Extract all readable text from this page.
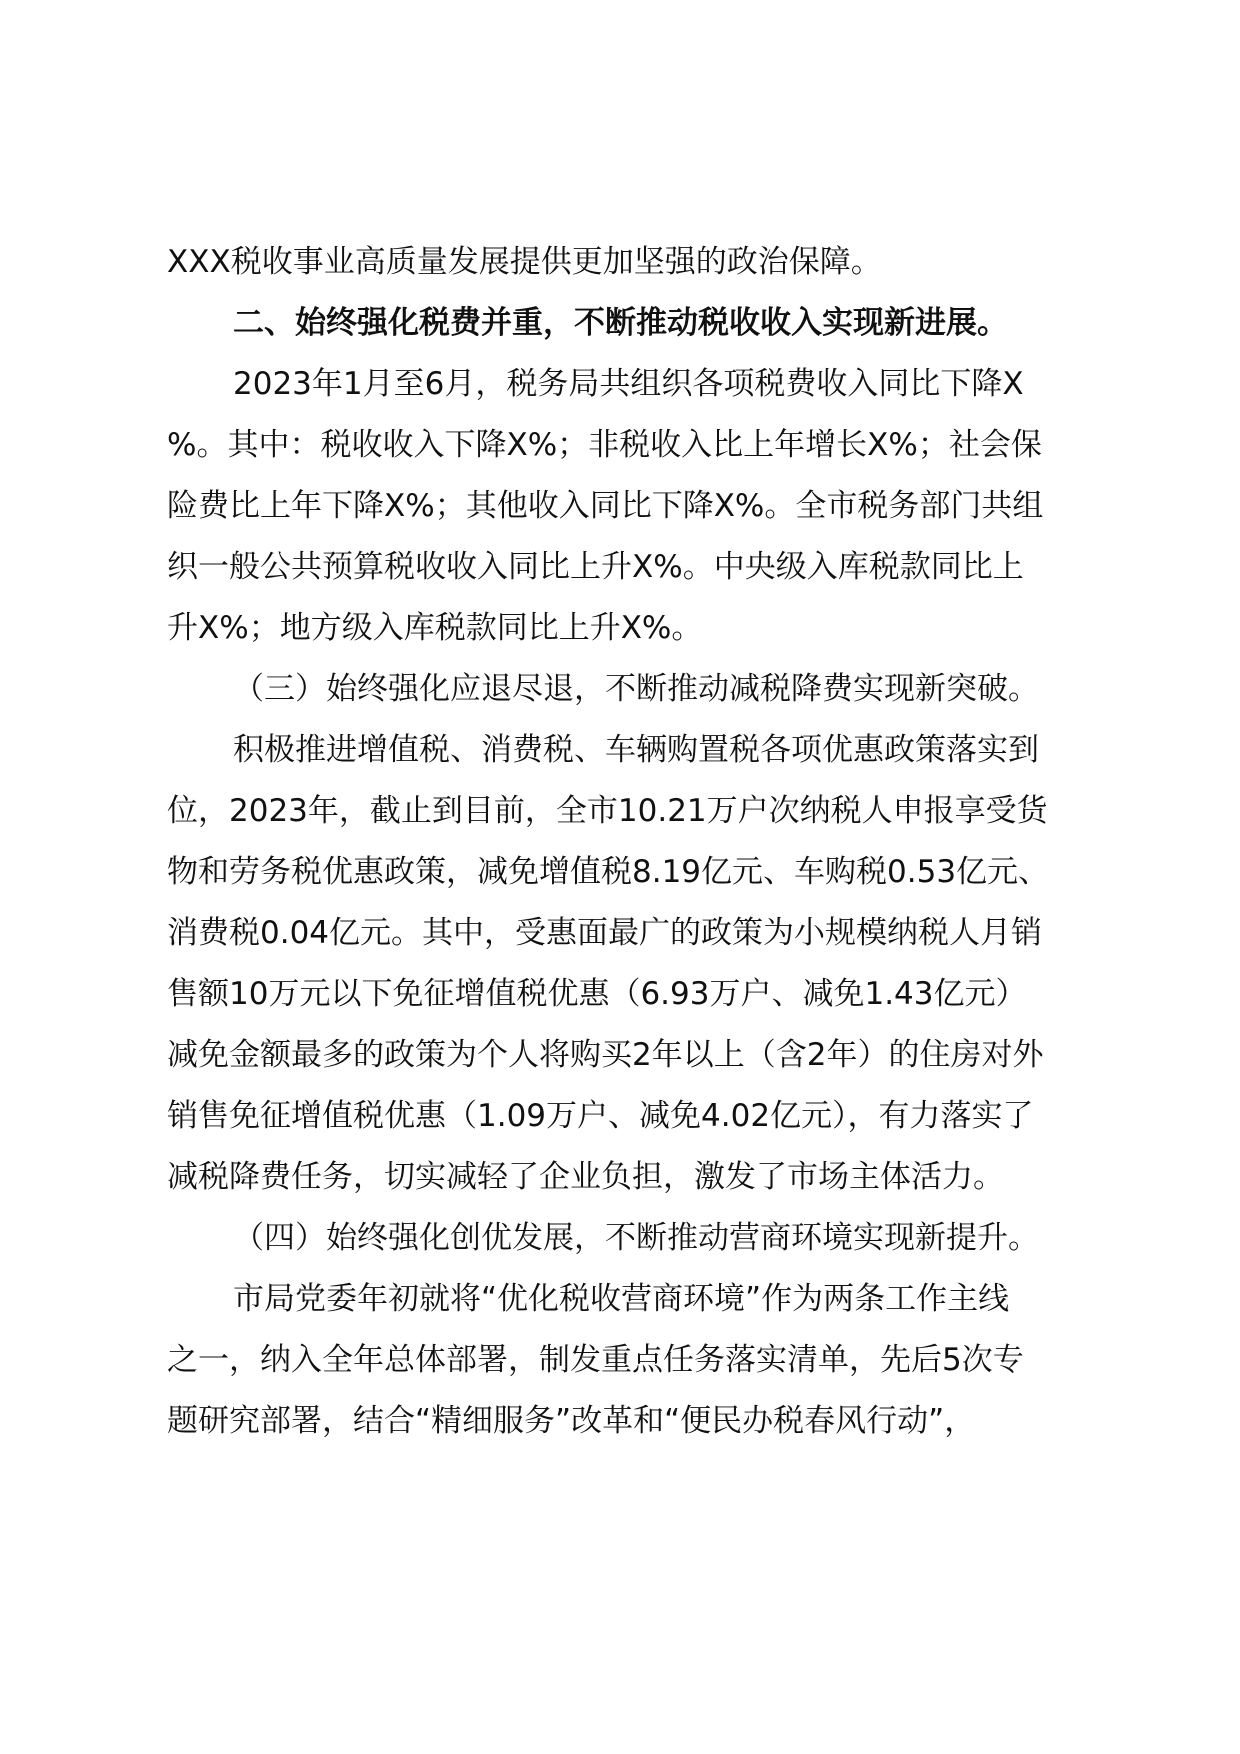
XXX税收事业高质量发展提供更加坚强的政治保障。
二、始终强化税费并重，不断推动税收收入实现新进展。
2023年1月至6月，税务局共组织各项税费收入同比下降X
%。其中：税收收入下降X%；非税收入比上年增长X%；社会保
险费比上年下降X%；其他收入同比下降X%。全市税务部门共组
织一般公共预算税收收入同比上升X%。中央级入库税款同比上
升X%；地方级入库税款同比上升X%。
（三）始终强化应退尽退，不断推动减税降费实现新突破。
积极推进增值税、消费税、车辆购置税各项优惠政策落实到
位，2023年，截止到目前，全市10.21万户次纳税人申报享受货
物和劳务税优惠政策，减免增值税8.19亿元、车购税0.53亿元、
消费税0.04亿元。其中，受惠面最广的政策为小规模纳税人月销
售额10万元以下免征增值税优惠（6.93万户、减免1.43亿元）
减免金额最多的政策为个人将购买2年以上（含2年）的住房对外
销售免征增值税优惠（1.09万户、减免4.02亿元），有力落实了
减税降费任务，切实减轻了企业负担，激发了市场主体活力。
（四）始终强化创优发展，不断推动营商环境实现新提升。
市局党委年初就将“优化税收营商环境”作为两条工作主线
之一，纳入全年总体部署，制发重点任务落实清单，先后5次专
题研究部署，结合“精细服务”改革和“便民办税春风行动”，
